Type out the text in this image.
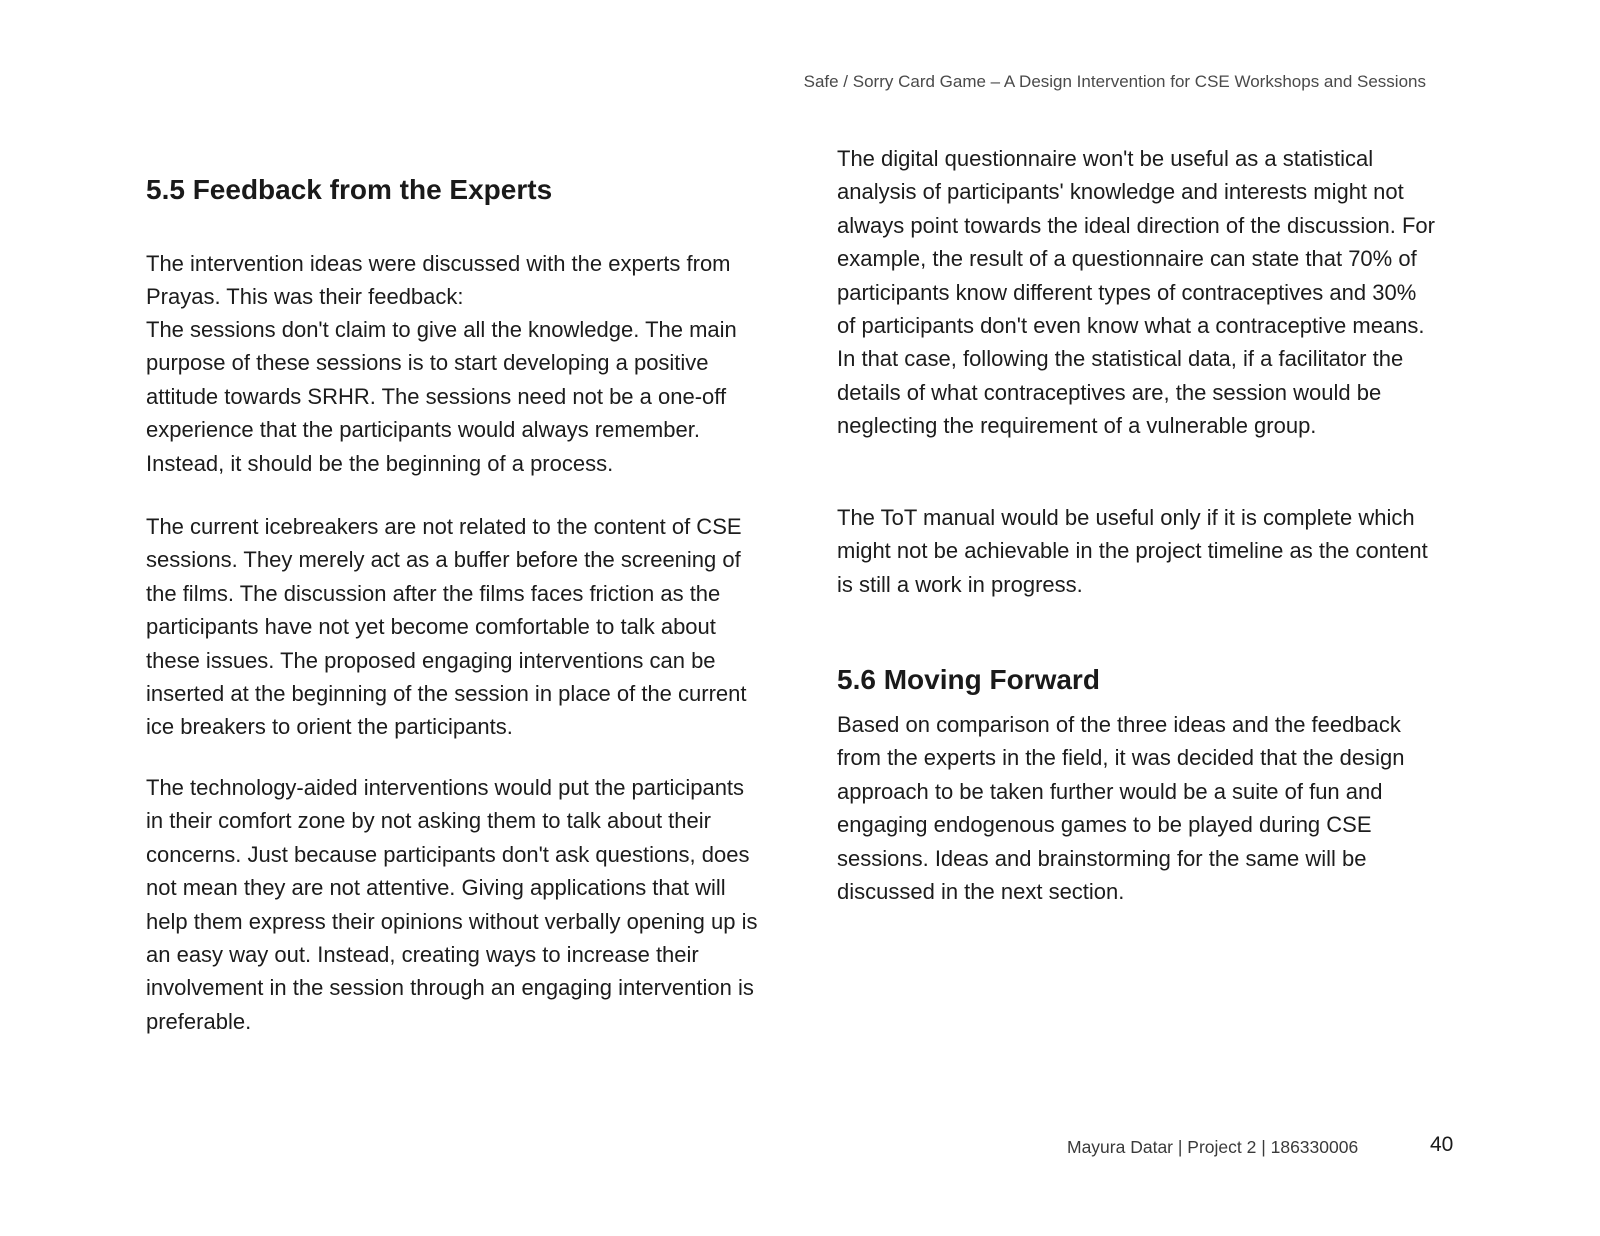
Safe / Sorry Card Game – A Design Intervention for CSE Workshops and Sessions
5.5 Feedback from the Experts

The intervention ideas were discussed with the experts from Prayas. This was their feedback:

The sessions don't claim to give all the knowledge. The main purpose of these sessions is to start developing a positive attitude towards SRHR. The sessions need not be a one-off experience that the participants would always remember. Instead, it should be the beginning of a process.

The current icebreakers are not related to the content of CSE sessions. They merely act as a buffer before the screening of the films. The discussion after the films faces friction as the participants have not yet become comfortable to talk about these issues. The proposed engaging interventions can be inserted at the beginning of the session in place of the current ice breakers to orient the participants.

The technology-aided interventions would put the participants in their comfort zone by not asking them to talk about their concerns. Just because participants don't ask questions, does not mean they are not attentive. Giving applications that will help them express their opinions without verbally opening up is an easy way out. Instead, creating ways to increase their involvement in the session through an engaging intervention is preferable.

The digital questionnaire won't be useful as a statistical analysis of participants' knowledge and interests might not always point towards the ideal direction of the discussion. For example, the result of a questionnaire can state that 70% of participants know different types of contraceptives and 30% of participants don't even know what a contraceptive means. In that case, following the statistical data, if a facilitator the details of what contraceptives are, the session would be neglecting the requirement of a vulnerable group.

The ToT manual would be useful only if it is complete which might not be achievable in the project timeline as the content is still a work in progress.

5.6 Moving Forward

Based on comparison of the three ideas and the feedback from the experts in the field, it was decided that the design approach to be taken further would be a suite of fun and engaging endogenous games to be played during CSE sessions. Ideas and brainstorming for the same will be discussed in the next section.

Mayura Datar | Project 2 | 186330006	40
